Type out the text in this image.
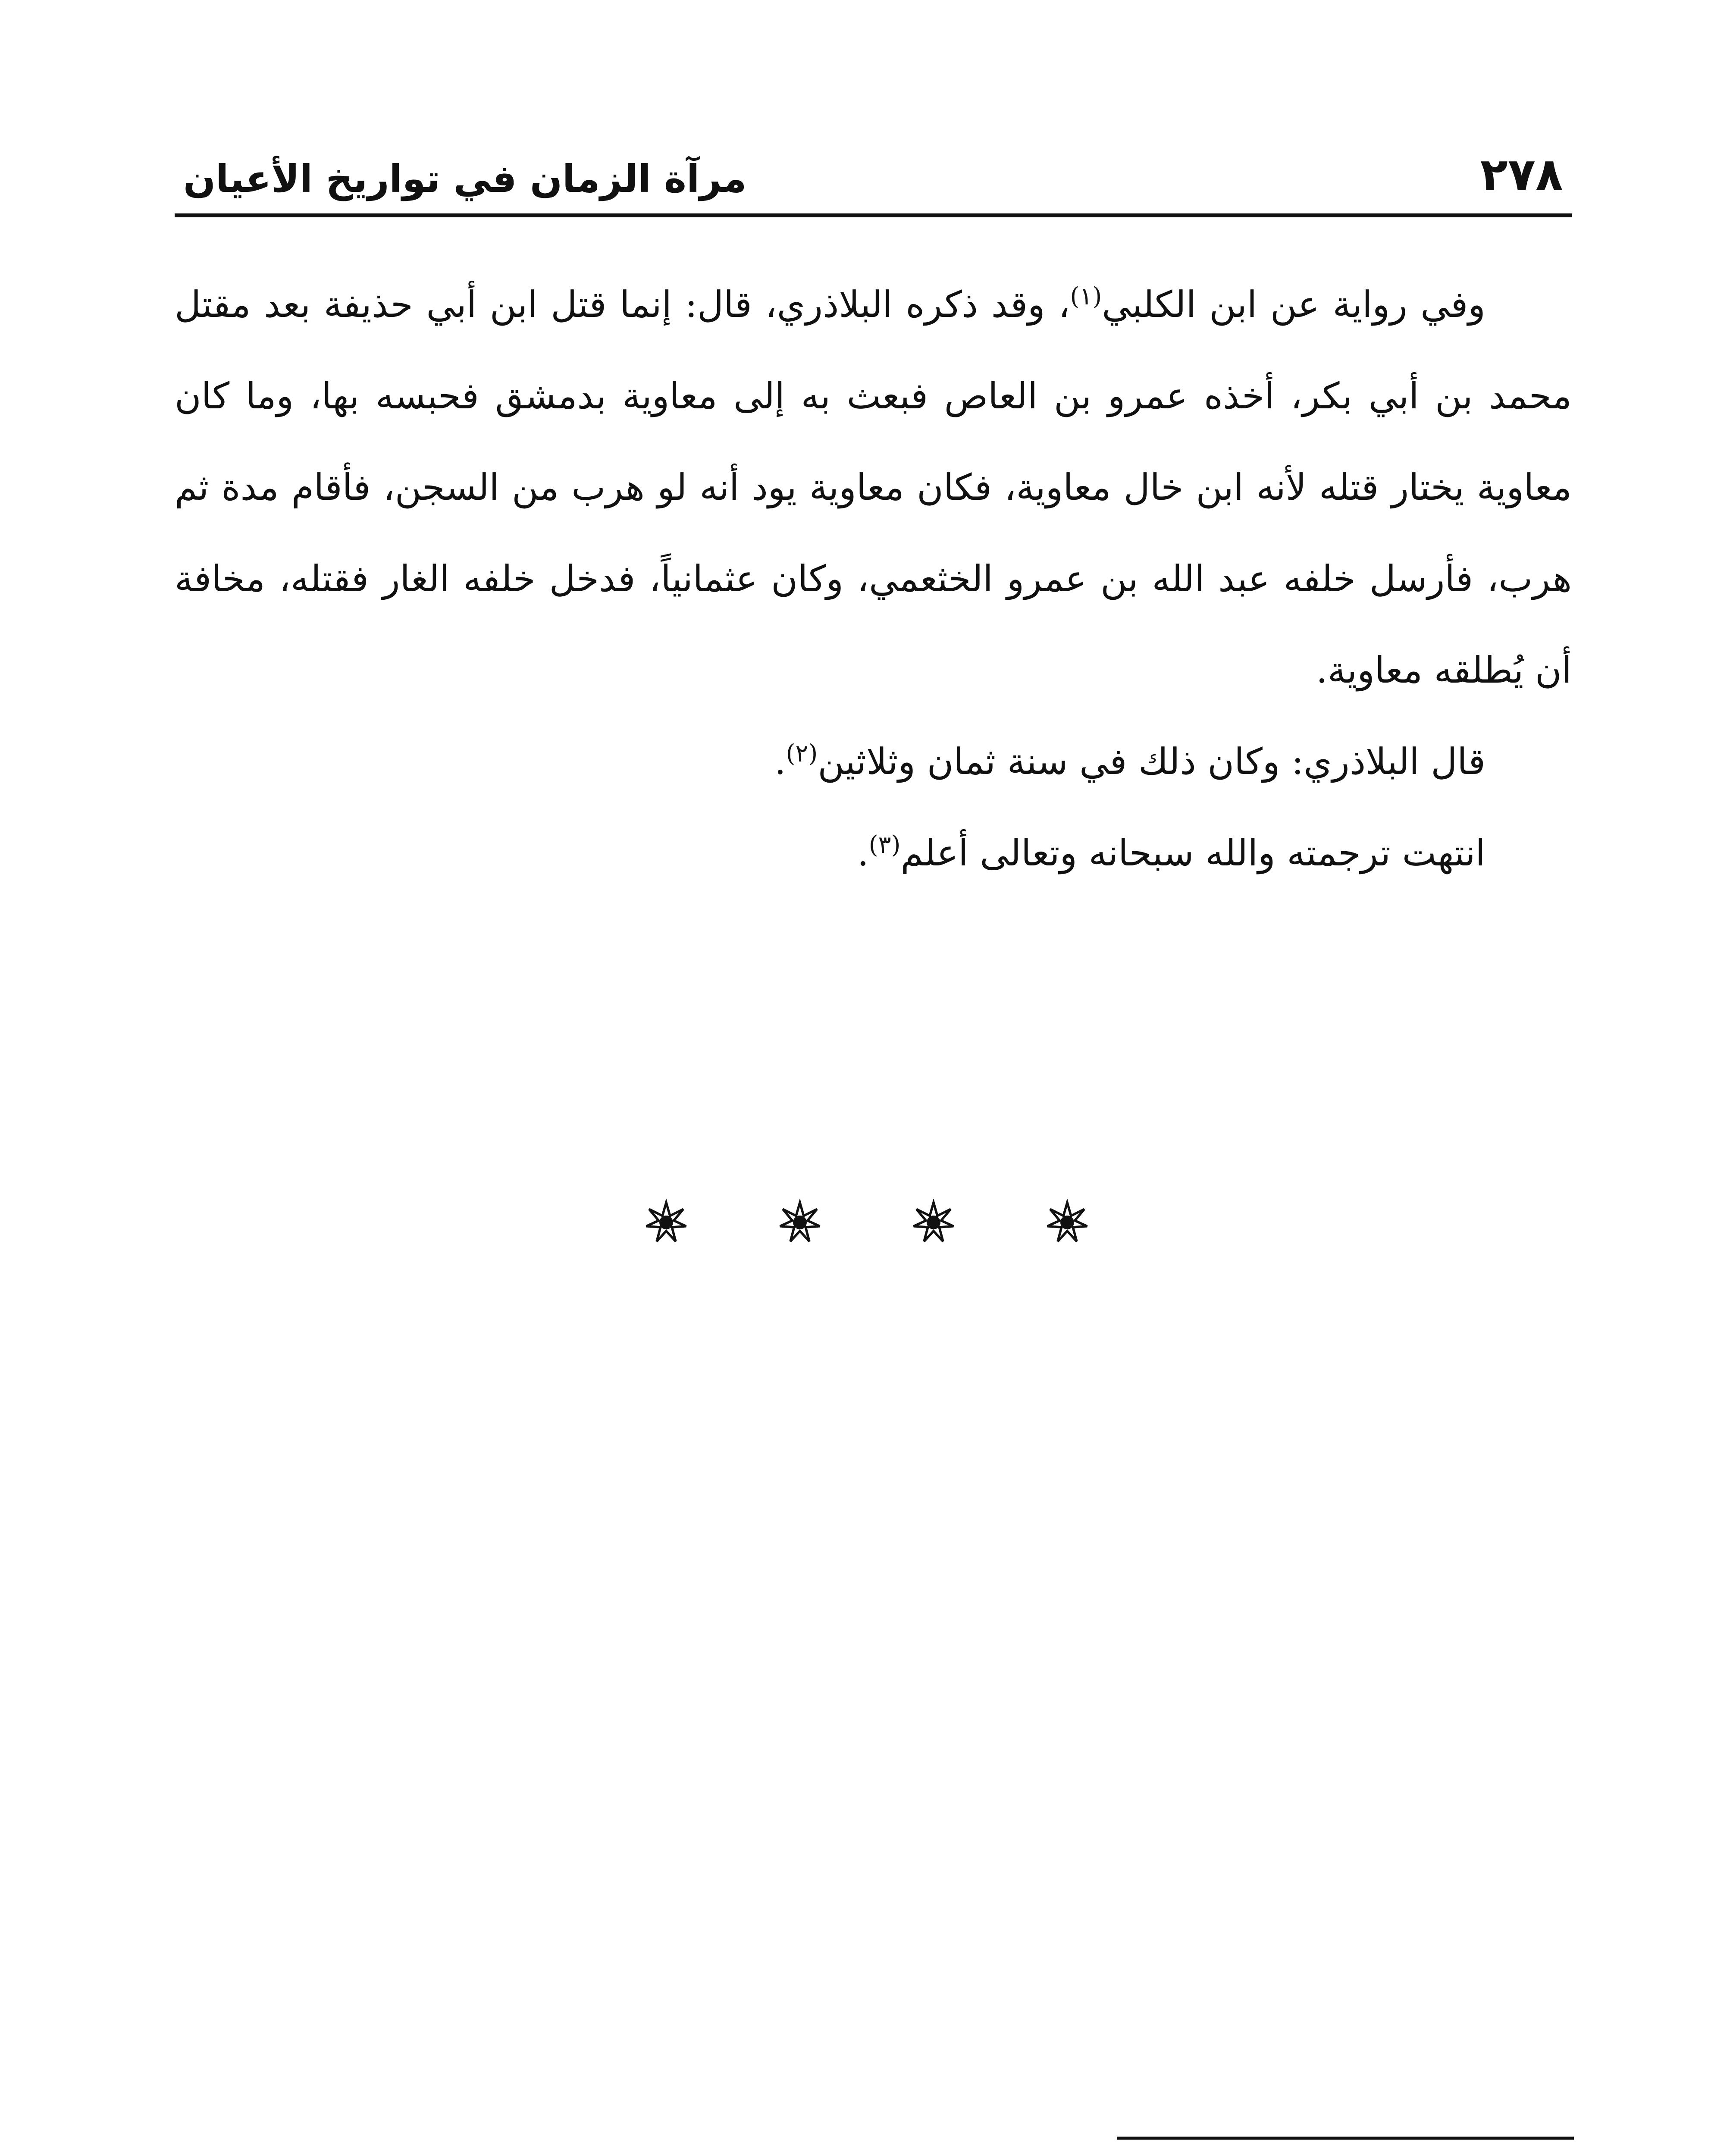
٢٧٨
مرآة الزمان في تواريخ الأعيان

وفي رواية عن ابن الكلبي$^{(١)}$، وقد ذكره البلاذري، قال: إنما قتل ابن أبي حذيفة بعد مقتل محمد بن أبي بكر، أخذه عمرو بن العاص فبعث به إلى معاوية بدمشق فحبسه بها، وما كان معاوية يختار قتله لأنه ابن خال معاوية، فكان معاوية يود أنه لو هرب من السجن، فأقام مدة ثم هرب، فأرسل خلفه عبد الله بن عمرو الخثعمي، وكان عثمانياً، فدخل خلفه الغار فقتله، مخافة أن يُطلقه معاوية.

قال البلاذري: وكان ذلك في سنة ثمان وثلاثين$^{(٢)}$.

انتهت ترجمته والله سبحانه وتعالى أعلم$^{(٣)}$.
